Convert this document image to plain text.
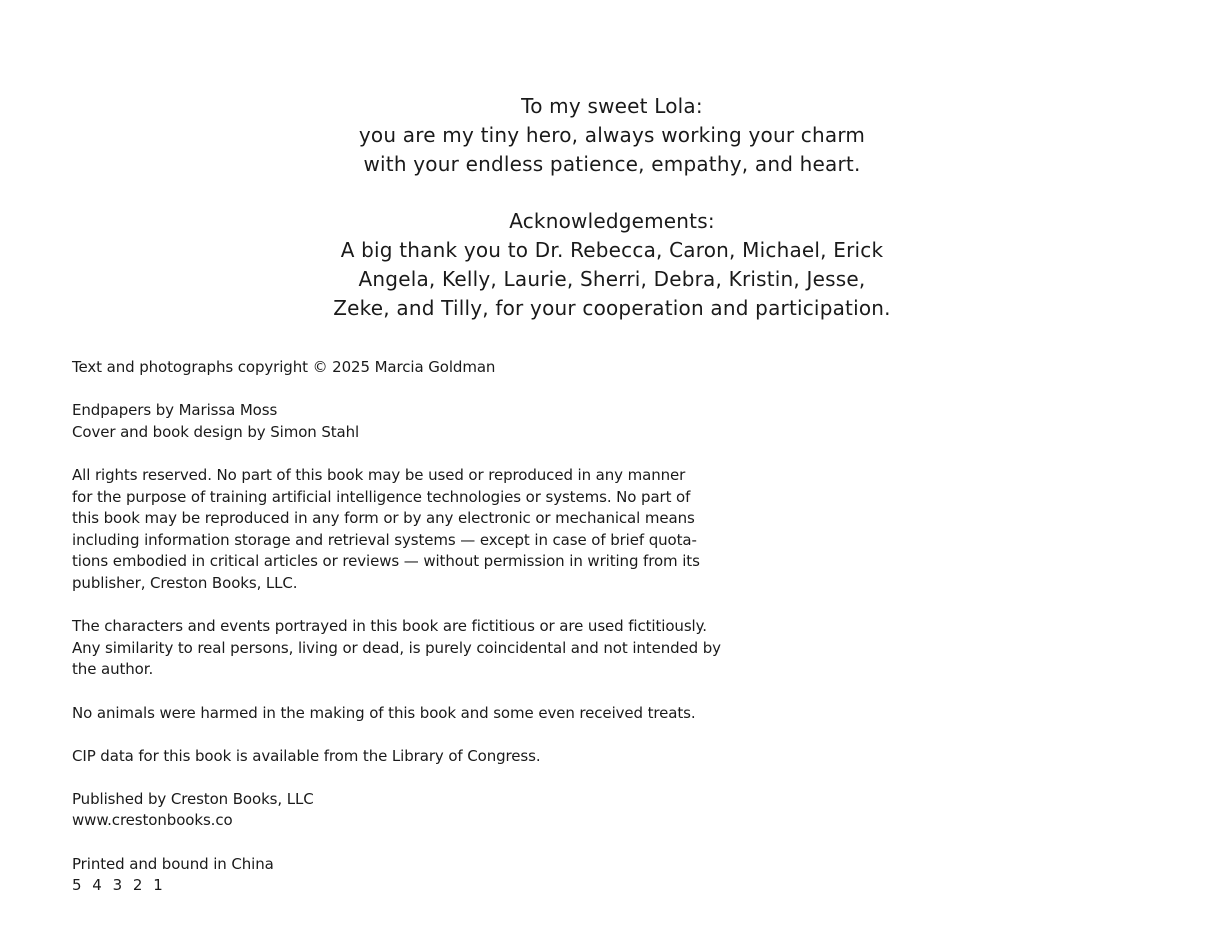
To my sweet Lola:
you are my tiny hero, always working your charm
with your endless patience, empathy, and heart.
Acknowledgements:
A big thank you to Dr. Rebecca, Caron, Michael, Erick
Angela, Kelly, Laurie, Sherri, Debra, Kristin, Jesse,
Zeke, and Tilly, for your cooperation and participation.
Text and photographs copyright © 2025 Marcia Goldman
Endpapers by Marissa Moss
Cover and book design by Simon Stahl
All rights reserved. No part of this book may be used or reproduced in any manner
for the purpose of training artificial intelligence technologies or systems. No part of
this book may be reproduced in any form or by any electronic or mechanical means
including information storage and retrieval systems — except in case of brief quota-
tions embodied in critical articles or reviews — without permission in writing from its
publisher, Creston Books, LLC.
The characters and events portrayed in this book are fictitious or are used fictitiously.
Any similarity to real persons, living or dead, is purely coincidental and not intended by
the author.
No animals were harmed in the making of this book and some even received treats.
CIP data for this book is available from the Library of Congress.
Published by Creston Books, LLC
www.crestonbooks.co
Printed and bound in China
5 4 3 2 1
